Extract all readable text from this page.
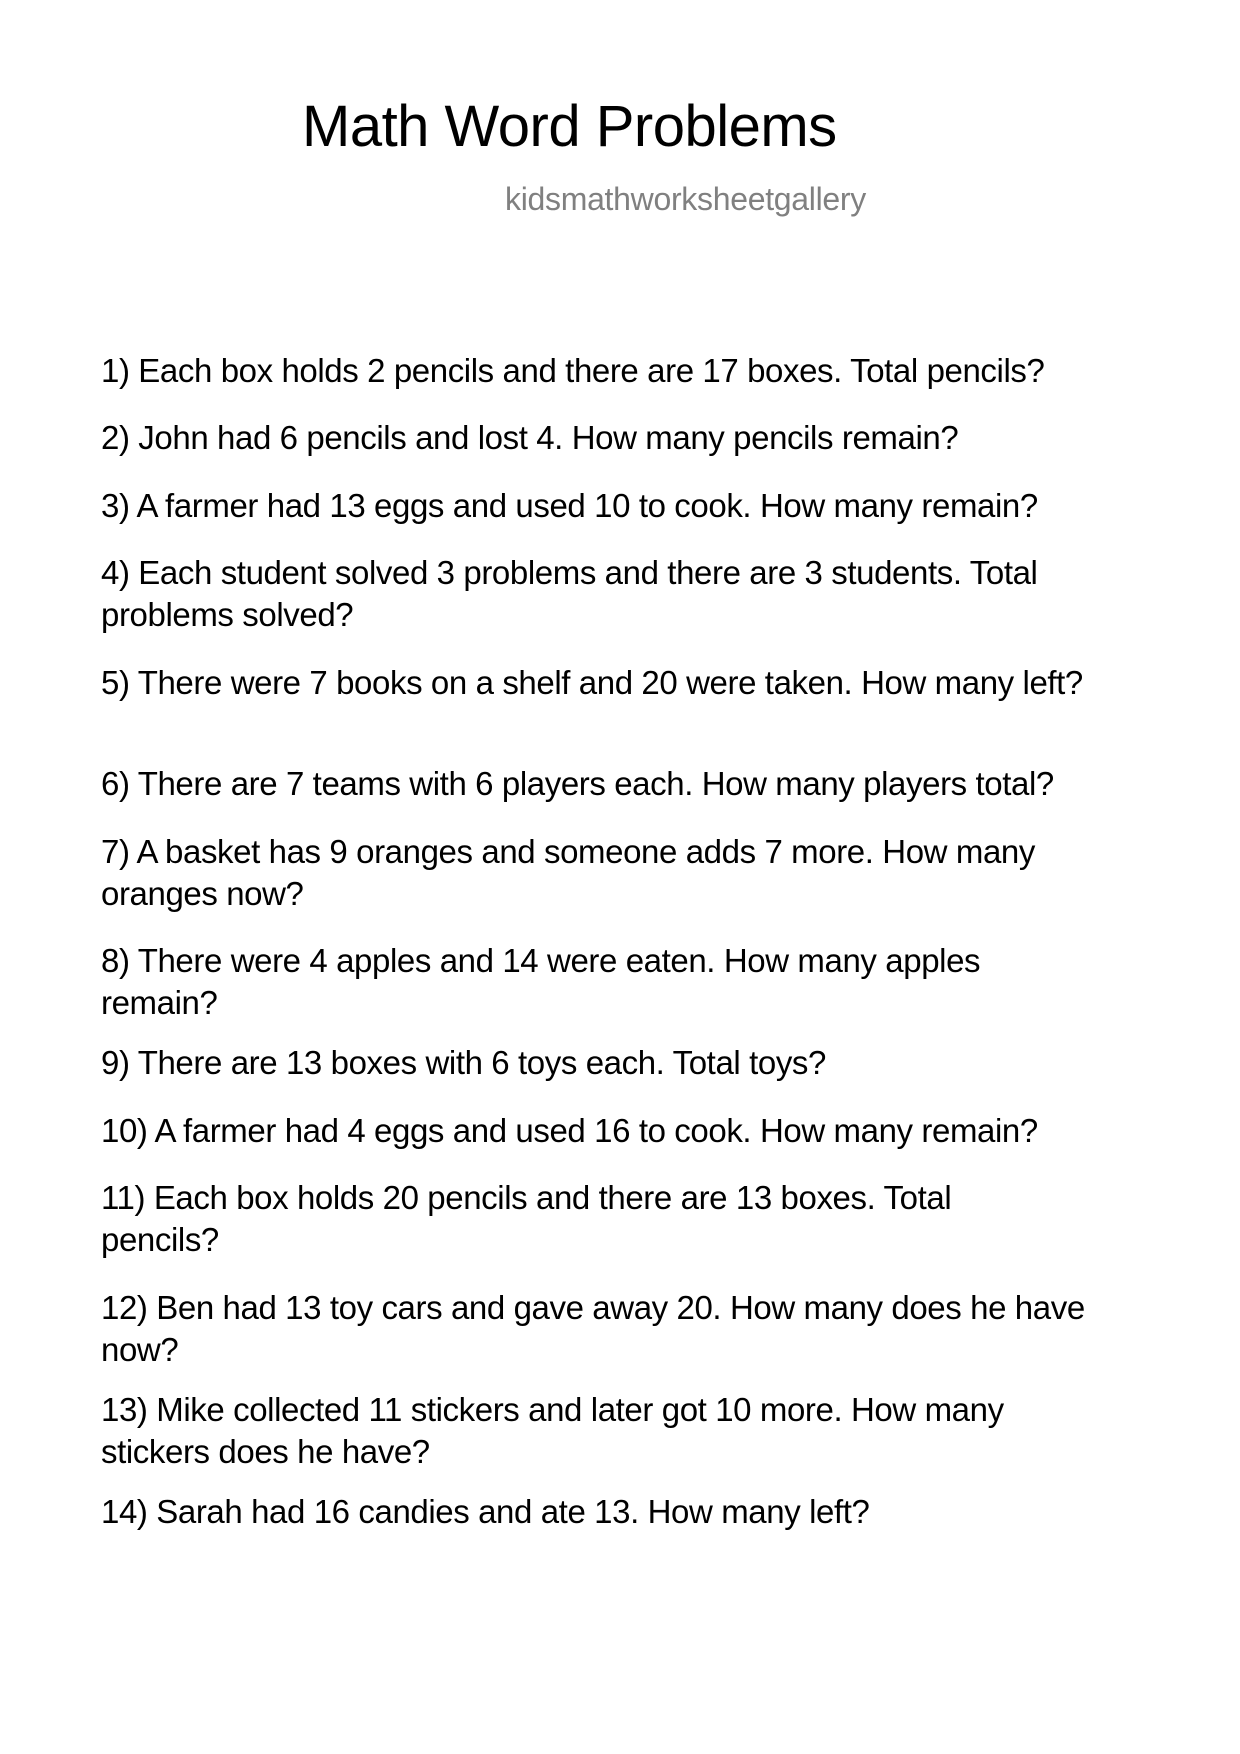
Math Word Problems
kidsmathworksheetgallery
1) Each box holds 2 pencils and there are 17 boxes. Total pencils?
2) John had 6 pencils and lost 4. How many pencils remain?
3) A farmer had 13 eggs and used 10 to cook. How many remain?
4) Each student solved 3 problems and there are 3 students. Total problems solved?
5) There were 7 books on a shelf and 20 were taken. How many left?
6) There are 7 teams with 6 players each. How many players total?
7) A basket has 9 oranges and someone adds 7 more. How many oranges now?
8) There were 4 apples and 14 were eaten. How many apples remain?
9) There are 13 boxes with 6 toys each. Total toys?
10) A farmer had 4 eggs and used 16 to cook. How many remain?
11) Each box holds 20 pencils and there are 13 boxes. Total pencils?
12) Ben had 13 toy cars and gave away 20. How many does he have now?
13) Mike collected 11 stickers and later got 10 more. How many stickers does he have?
14) Sarah had 16 candies and ate 13. How many left?
